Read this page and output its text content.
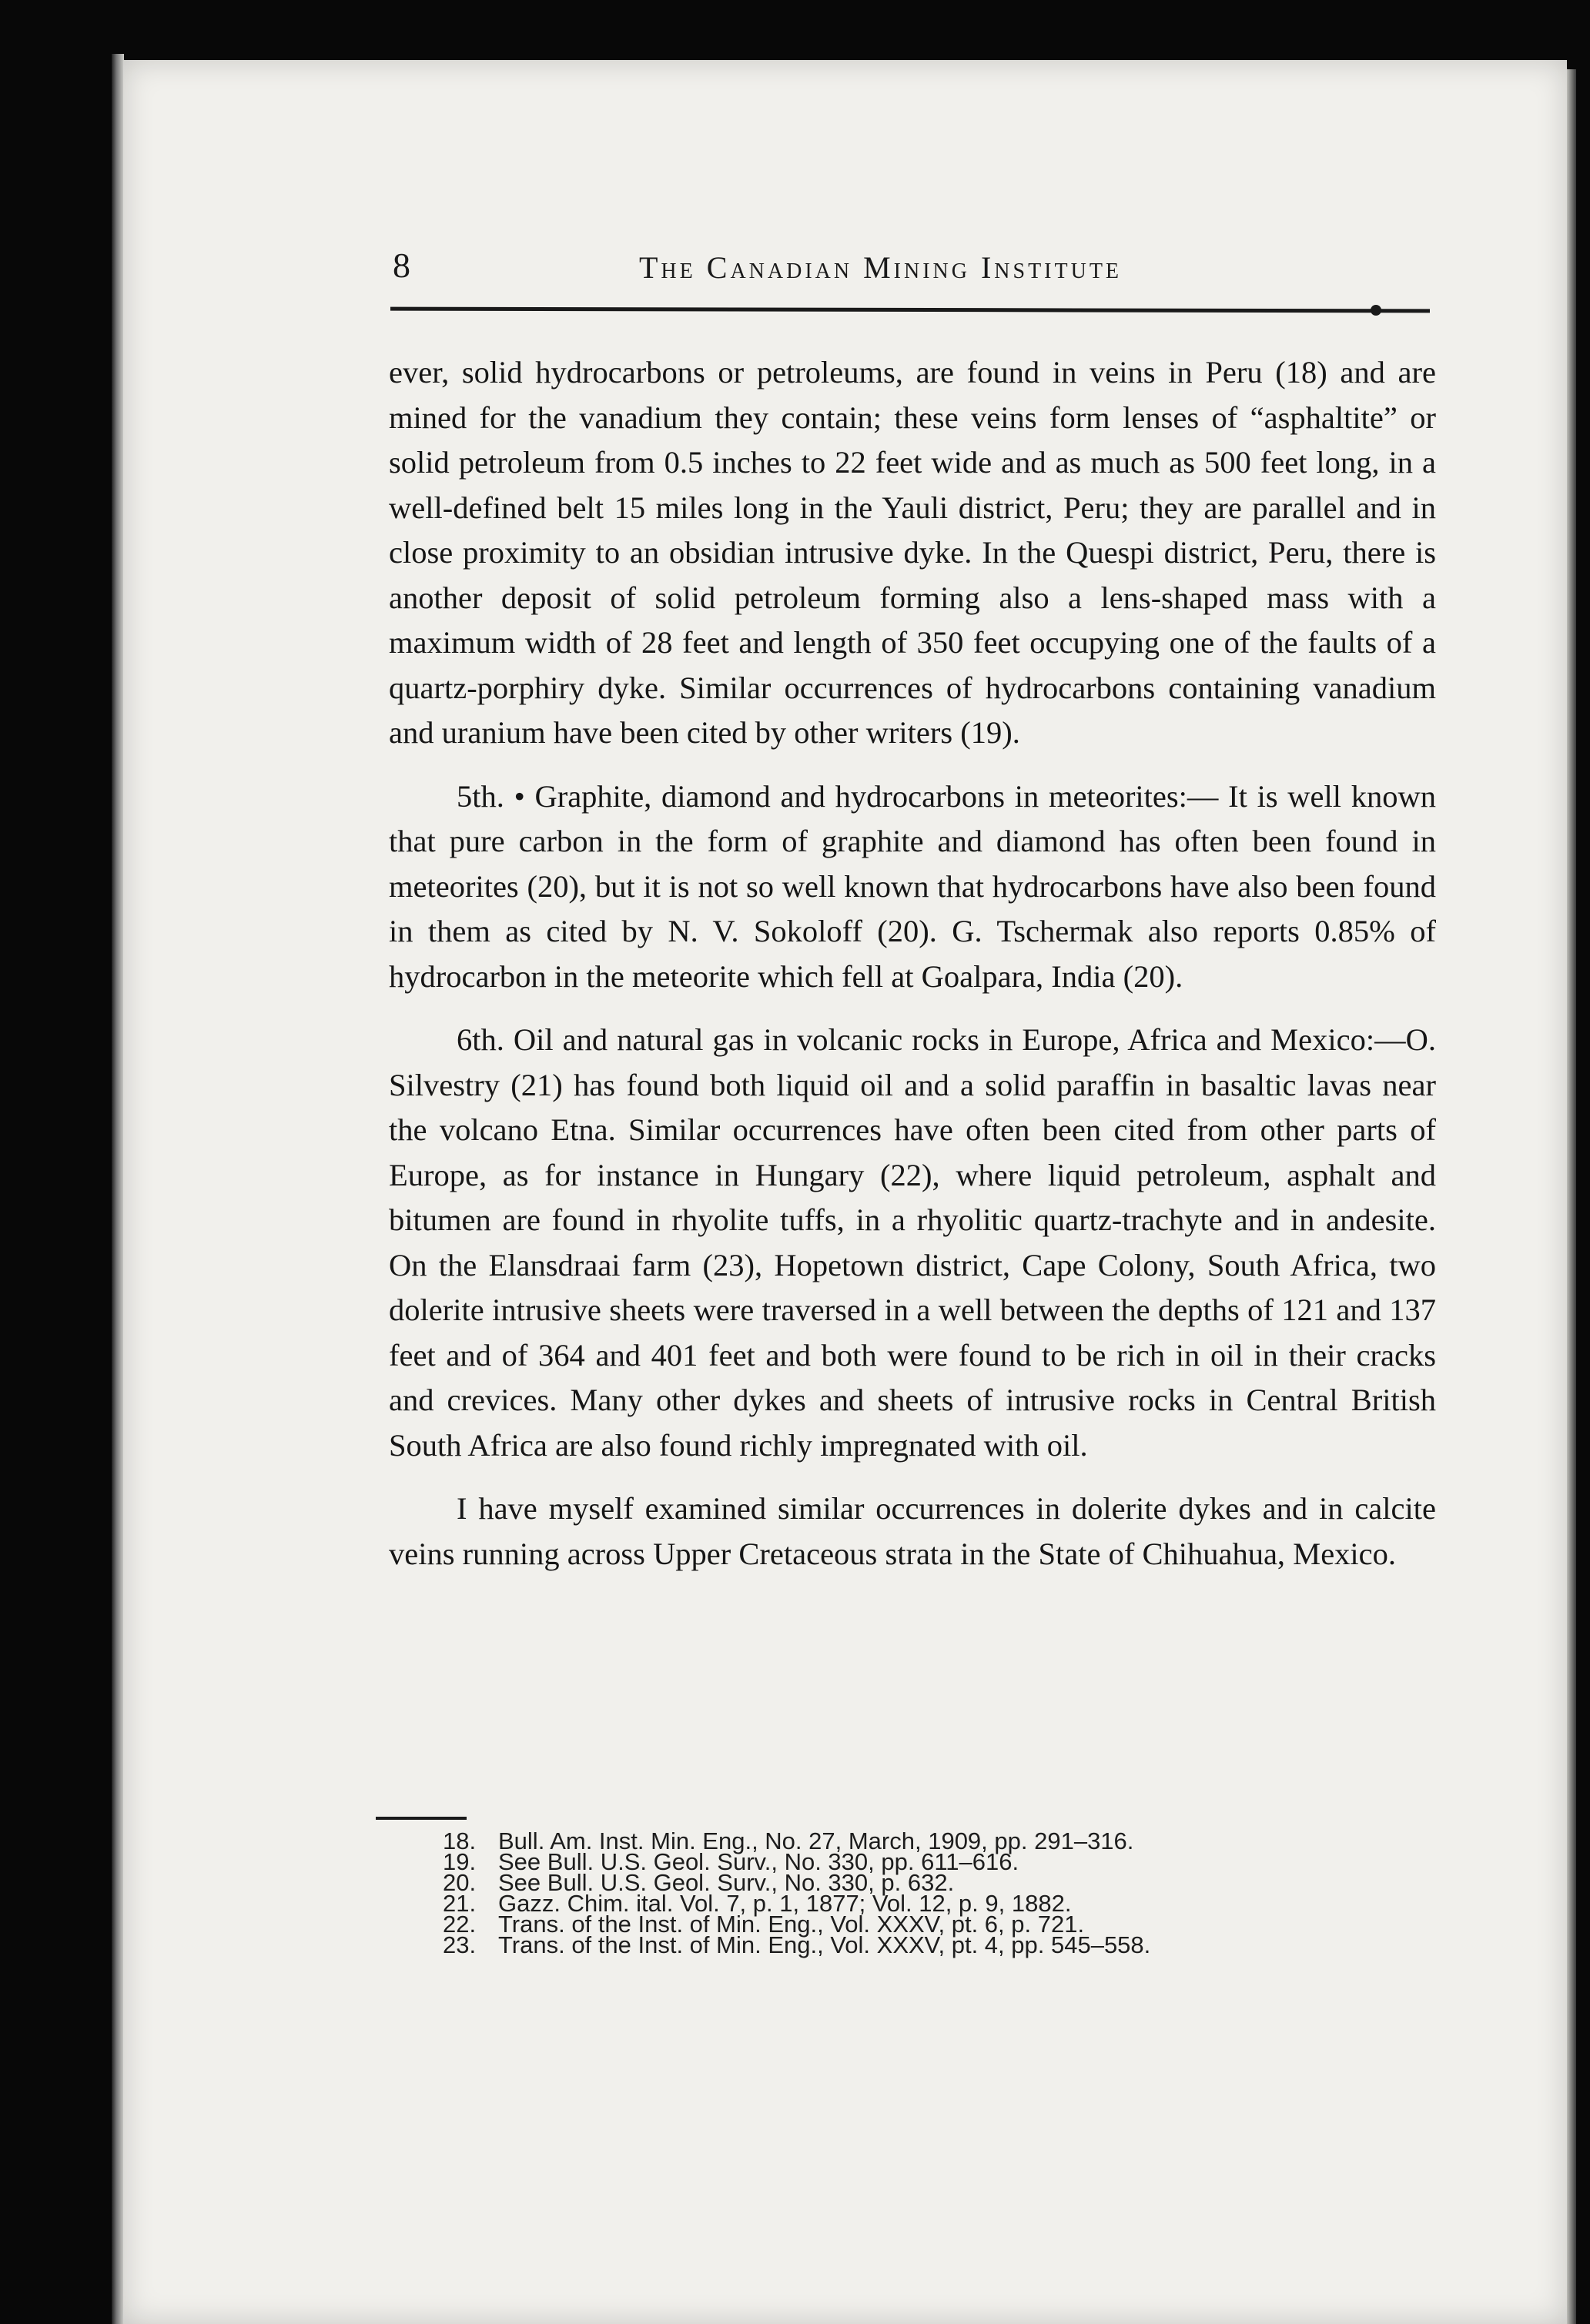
8	The Canadian Mining Institute

ever, solid hydrocarbons or petroleums, are found in veins in Peru (18) and are mined for the vanadium they contain; these veins form lenses of “asphaltite” or solid petroleum from 0.5 inches to 22 feet wide and as much as 500 feet long, in a well-defined belt 15 miles long in the Yauli district, Peru; they are parallel and in close proximity to an obsidian intrusive dyke. In the Quespi district, Peru, there is another deposit of solid petroleum forming also a lens-shaped mass with a maximum width of 28 feet and length of 350 feet occupying one of the faults of a quartz-porphiry dyke. Similar occurrences of hydrocarbons containing vanadium and uranium have been cited by other writers (19).

5th. • Graphite, diamond and hydrocarbons in meteorites:— It is well known that pure carbon in the form of graphite and diamond has often been found in meteorites (20), but it is not so well known that hydrocarbons have also been found in them as cited by N. V. Sokoloff (20). G. Tschermak also reports 0.85% of hydrocarbon in the meteorite which fell at Goalpara, India (20).

6th. Oil and natural gas in volcanic rocks in Europe, Africa and Mexico:—O. Silvestry (21) has found both liquid oil and a solid paraffin in basaltic lavas near the volcano Etna. Similar occurrences have often been cited from other parts of Europe, as for instance in Hungary (22), where liquid petroleum, asphalt and bitumen are found in rhyolite tuffs, in a rhyolitic quartz-trachyte and in andesite. On the Elansdraai farm (23), Hopetown district, Cape Colony, South Africa, two dolerite intrusive sheets were traversed in a well between the depths of 121 and 137 feet and of 364 and 401 feet and both were found to be rich in oil in their cracks and crevices. Many other dykes and sheets of intrusive rocks in Central British South Africa are also found richly impregnated with oil.

I have myself examined similar occurrences in dolerite dykes and in calcite veins running across Upper Cretaceous strata in the State of Chihuahua, Mexico.

18. Bull. Am. Inst. Min. Eng., No. 27, March, 1909, pp. 291–316.
19. See Bull. U.S. Geol. Surv., No. 330, pp. 611–616.
20. See Bull. U.S. Geol. Surv., No. 330, p. 632.
21. Gazz. Chim. ital. Vol. 7, p. 1, 1877; Vol. 12, p. 9, 1882.
22. Trans. of the Inst. of Min. Eng., Vol. XXXV, pt. 6, p. 721.
23. Trans. of the Inst. of Min. Eng., Vol. XXXV, pt. 4, pp. 545–558.
